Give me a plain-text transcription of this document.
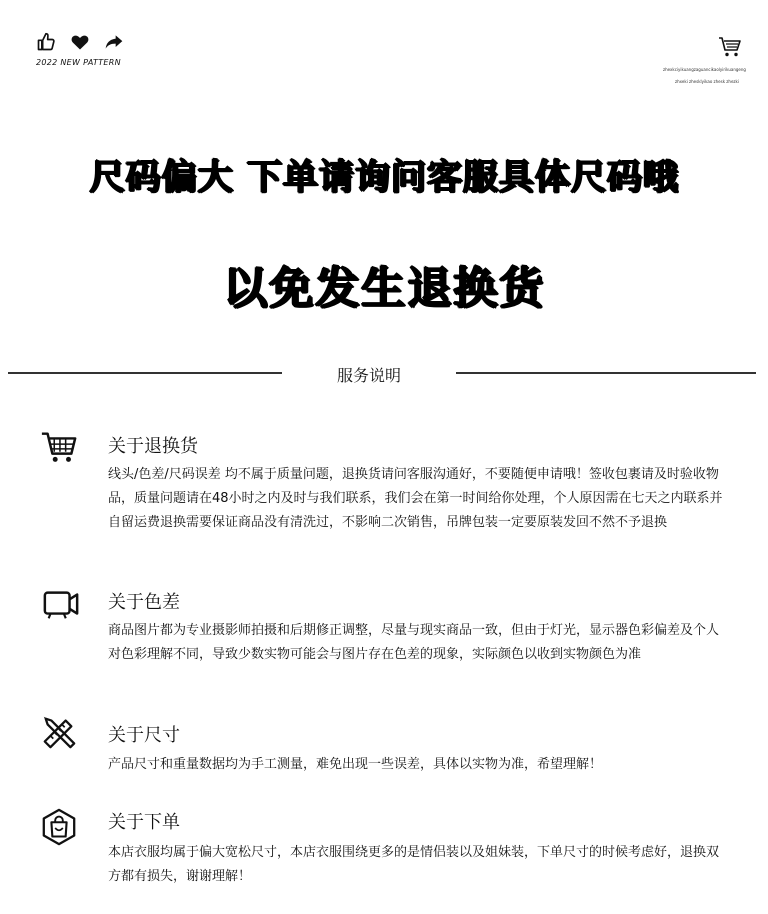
2022 NEW PATTERN
zhexkciyikuangzaguancikaolyirikuangeng
zhxeki zhesklyikao zhesk zhezki
尺码偏大 下单请询问客服具体尺码哦
以免发生退换货
服务说明
关于退换货
线头/色差/尺码误差 均不属于质量问题，退换货请问客服沟通好，不要随便申请哦！签收包裹请及时验收物品，质量问题请在48小时之内及时与我们联系，我们会在第一时间给你处理，个人原因需在七天之内联系并自留运费退换需要保证商品没有清洗过，不影响二次销售，吊牌包装一定要原装发回不然不予退换
关于色差
商品图片都为专业摄影师拍摄和后期修正调整，尽量与现实商品一致，但由于灯光，显示器色彩偏差及个人对色彩理解不同，导致少数实物可能会与图片存在色差的现象，实际颜色以收到实物颜色为准
关于尺寸
产品尺寸和重量数据均为手工测量，难免出现一些误差，具体以实物为准，希望理解！
关于下单
本店衣服均属于偏大宽松尺寸，本店衣服围绕更多的是情侣装以及姐妹装，下单尺寸的时候考虑好，退换双方都有损失，谢谢理解！
